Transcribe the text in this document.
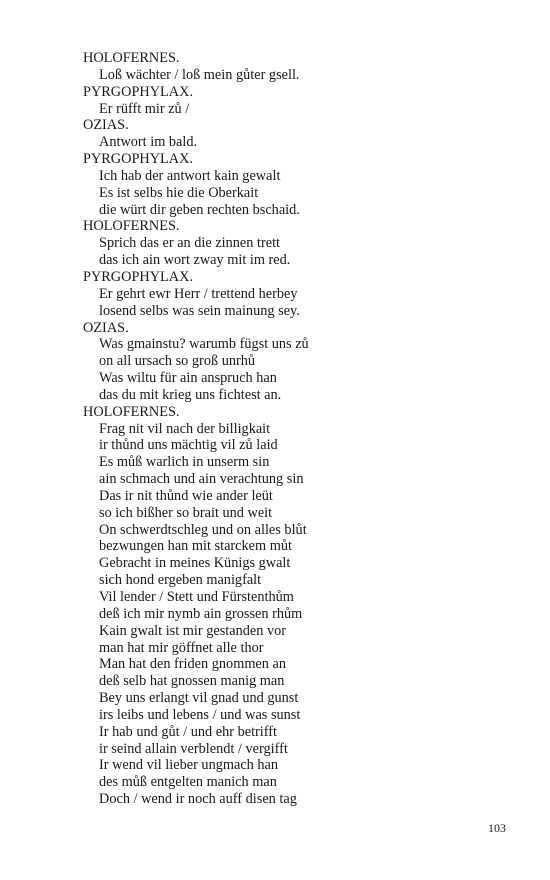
HOLOFERNES.
Loß wächter / loß mein gůter gsell.
PYRGOPHYLAX.
Er rüfft mir zů /
OZIAS.
Antwort im bald.
PYRGOPHYLAX.
Ich hab der antwort kain gewalt
Es ist selbs hie die Oberkait
die würt dir geben rechten bschaid.
HOLOFERNES.
Sprich das er an die zinnen trett
das ich ain wort zway mit im red.
PYRGOPHYLAX.
Er gehrt ewr Herr / trettend herbey
losend selbs was sein mainung sey.
OZIAS.
Was gmainstu? warumb fügst uns zů
on all ursach so groß unrhů
Was wiltu für ain anspruch han
das du mit krieg uns fichtest an.
HOLOFERNES.
Frag nit vil nach der billigkait
ir thůnd uns mächtig vil zů laid
Es můß warlich in unserm sin
ain schmach und ain verachtung sin
Das ir nit thůnd wie ander leüt
so ich bißher so brait und weit
On schwerdtschleg und on alles blůt
bezwungen han mit starckem můt
Gebracht in meines Künigs gwalt
sich hond ergeben manigfalt
Vil lender / Stett und Fürstenthům
deß ich mir nymb ain grossen rhům
Kain gwalt ist mir gestanden vor
man hat mir göffnet alle thor
Man hat den friden gnommen an
deß selb hat gnossen manig man
Bey uns erlangt vil gnad und gunst
irs leibs und lebens / und was sunst
Ir hab und gůt / und ehr betrifft
ir seind allain verblendt / vergifft
Ir wend vil lieber ungmach han
des můß entgelten manich man
Doch / wend ir noch auff disen tag
103
